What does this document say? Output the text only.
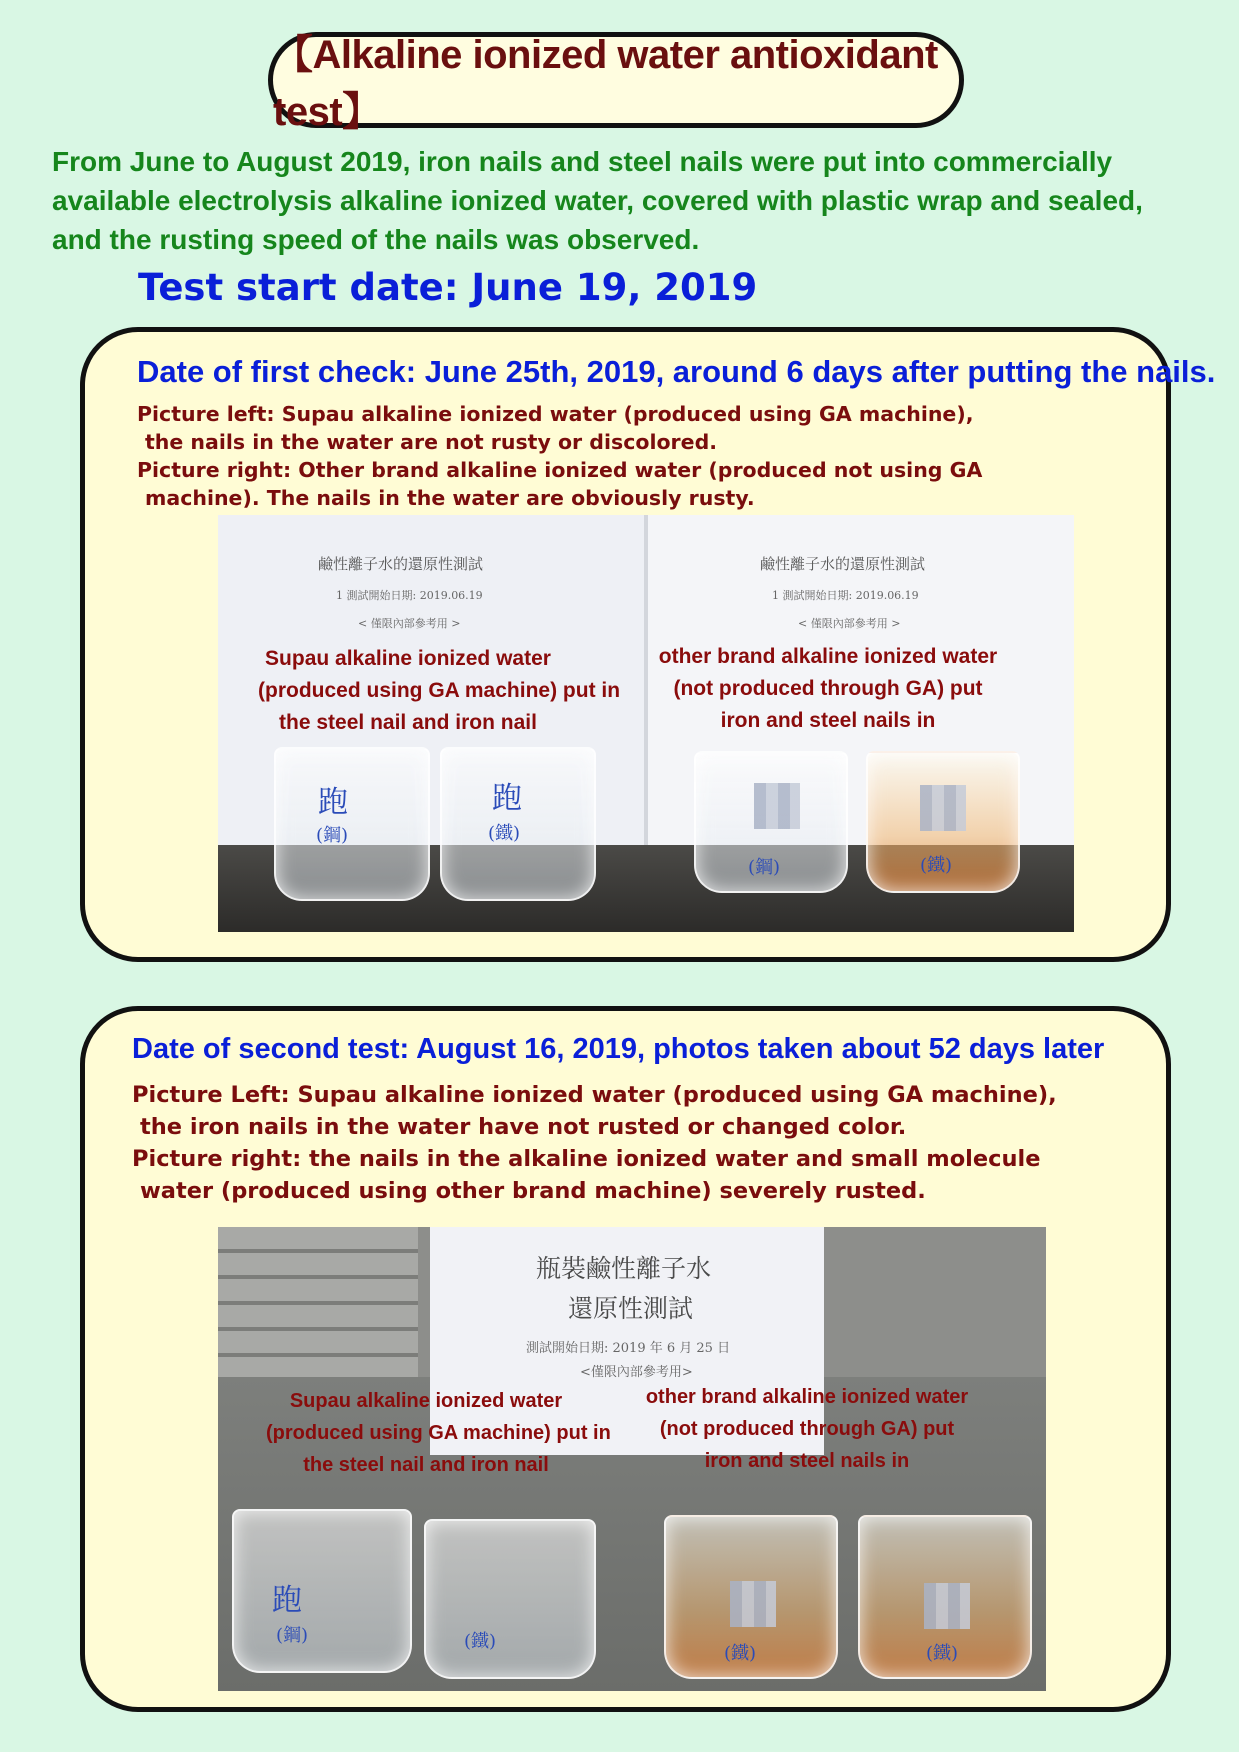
【Alkaline ionized water antioxidant test】
From June to August 2019, iron nails and steel nails were put into commercially
available electrolysis alkaline ionized water, covered with plastic wrap and sealed,
and the rusting speed of the nails was observed.
Test start date: June 19, 2019
Date of first check: June 25th, 2019, around 6 days after putting the nails.
Picture left: Supau alkaline ionized water (produced using GA machine),
the nails in the water are not rusty or discolored.
Picture right: Other brand alkaline ionized water (produced not using GA
machine). The nails in the water are obviously rusty.
鹼性離子水的還原性測試
1 測試開始日期: 2019.06.19
< 僅限內部參考用 >
鹼性離子水的還原性測試
1 測試開始日期: 2019.06.19
< 僅限內部參考用 >
Supau alkaline ionized water
(produced using GA machine) put in
the steel nail and iron nail
other brand alkaline ionized water
(not produced through GA) put
iron and steel nails in
跑
(鋼)
跑
(鐵)
(鋼)	(鐵)
Date of second test: August 16, 2019, photos taken about 52 days later
Picture Left: Supau alkaline ionized water (produced using GA machine),
the iron nails in the water have not rusted or changed color.
Picture right: the nails in the alkaline ionized water and small molecule
water (produced using other brand machine) severely rusted.
瓶裝鹼性離子水
還原性測試
測試開始日期: 2019 年 6 月 25 日
<僅限內部參考用>
Supau alkaline ionized water
(produced using GA machine) put in
the steel nail and iron nail
other brand alkaline ionized water
(not produced through GA) put
iron and steel nails in
跑
(鋼)	(鐵)
(鐵)	(鐵)
